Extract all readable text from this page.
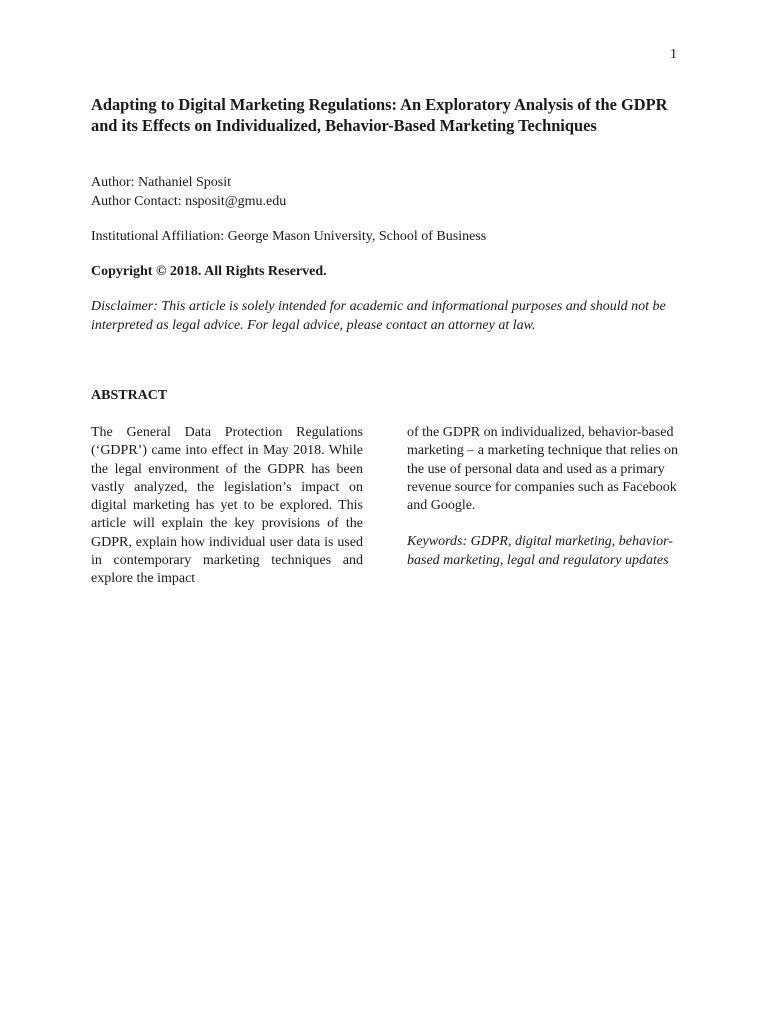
1
Adapting to Digital Marketing Regulations: An Exploratory Analysis of the GDPR and its Effects on Individualized, Behavior-Based Marketing Techniques
Author: Nathaniel Sposit
Author Contact: nsposit@gmu.edu
Institutional Affiliation: George Mason University, School of Business
Copyright © 2018. All Rights Reserved.
Disclaimer: This article is solely intended for academic and informational purposes and should not be interpreted as legal advice. For legal advice, please contact an attorney at law.
ABSTRACT

The General Data Protection Regulations (‘GDPR’) came into effect in May 2018. While the legal environment of the GDPR has been vastly analyzed, the legislation’s impact on digital marketing has yet to be explored. This article will explain the key provisions of the GDPR, explain how individual user data is used in contemporary marketing techniques and explore the impact

of the GDPR on individualized, behavior-based marketing – a marketing technique that relies on the use of personal data and used as a primary revenue source for companies such as Facebook and Google.

Keywords: GDPR, digital marketing, behavior-based marketing, legal and regulatory updates
